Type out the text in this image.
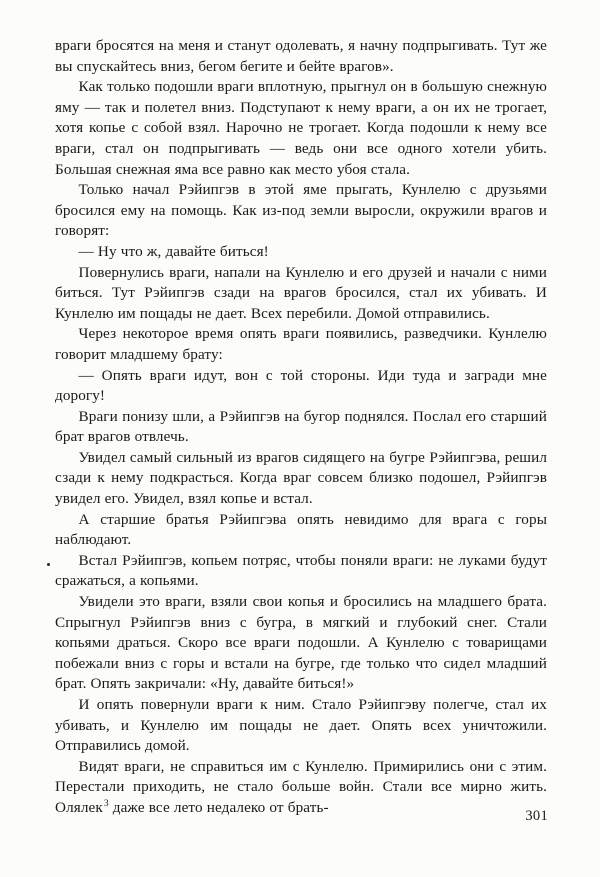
враги бросятся на меня и станут одолевать, я начну подпрыгивать. Тут же вы спускайтесь вниз, бегом бегите и бейте врагов».

Как только подошли враги вплотную, прыгнул он в большую снежную яму — так и полетел вниз. Подступают к нему враги, а он их не трогает, хотя копье с собой взял. Нарочно не трогает. Когда подошли к нему все враги, стал он подпрыгивать — ведь они все одного хотели убить. Большая снежная яма все равно как место убоя стала.

Только начал Рэйипгэв в этой яме прыгать, Кунлелю с друзьями бросился ему на помощь. Как из-под земли выросли, окружили врагов и говорят:

— Ну что ж, давайте биться!

Повернулись враги, напали на Кунлелю и его друзей и начали с ними биться. Тут Рэйипгэв сзади на врагов бросился, стал их убивать. И Кунлелю им пощады не дает. Всех перебили. Домой отправились.

Через некоторое время опять враги появились, разведчики. Кунлелю говорит младшему брату:

— Опять враги идут, вон с той стороны. Иди туда и загради мне дорогу!

Враги понизу шли, а Рэйипгэв на бугор поднялся. Послал его старший брат врагов отвлечь.

Увидел самый сильный из врагов сидящего на бугре Рэйипгэва, решил сзади к нему подкрасться. Когда враг совсем близко подошел, Рэйипгэв увидел его. Увидел, взял копье и встал.

А старшие братья Рэйипгэва опять невидимо для врага с горы наблюдают.

Встал Рэйипгэв, копьем потряс, чтобы поняли враги: не луками будут сражаться, а копьями.

Увидели это враги, взяли свои копья и бросились на младшего брата. Спрыгнул Рэйипгэв вниз с бугра, в мягкий и глубокий снег. Стали копьями драться. Скоро все враги подошли. А Кунлелю с товарищами побежали вниз с горы и встали на бугре, где только что сидел младший брат. Опять закричали: «Ну, давайте биться!»

И опять повернули враги к ним. Стало Рэйипгэву полегче, стал их убивать, и Кунлелю им пощады не дает. Опять всех уничтожили. Отправились домой.

Видят враги, не справиться им с Кунлелю. Примирились они с этим. Перестали приходить, не стало больше войн. Стали все мирно жить. Олялек$^3$ даже все лето недалеко от брать-

301
